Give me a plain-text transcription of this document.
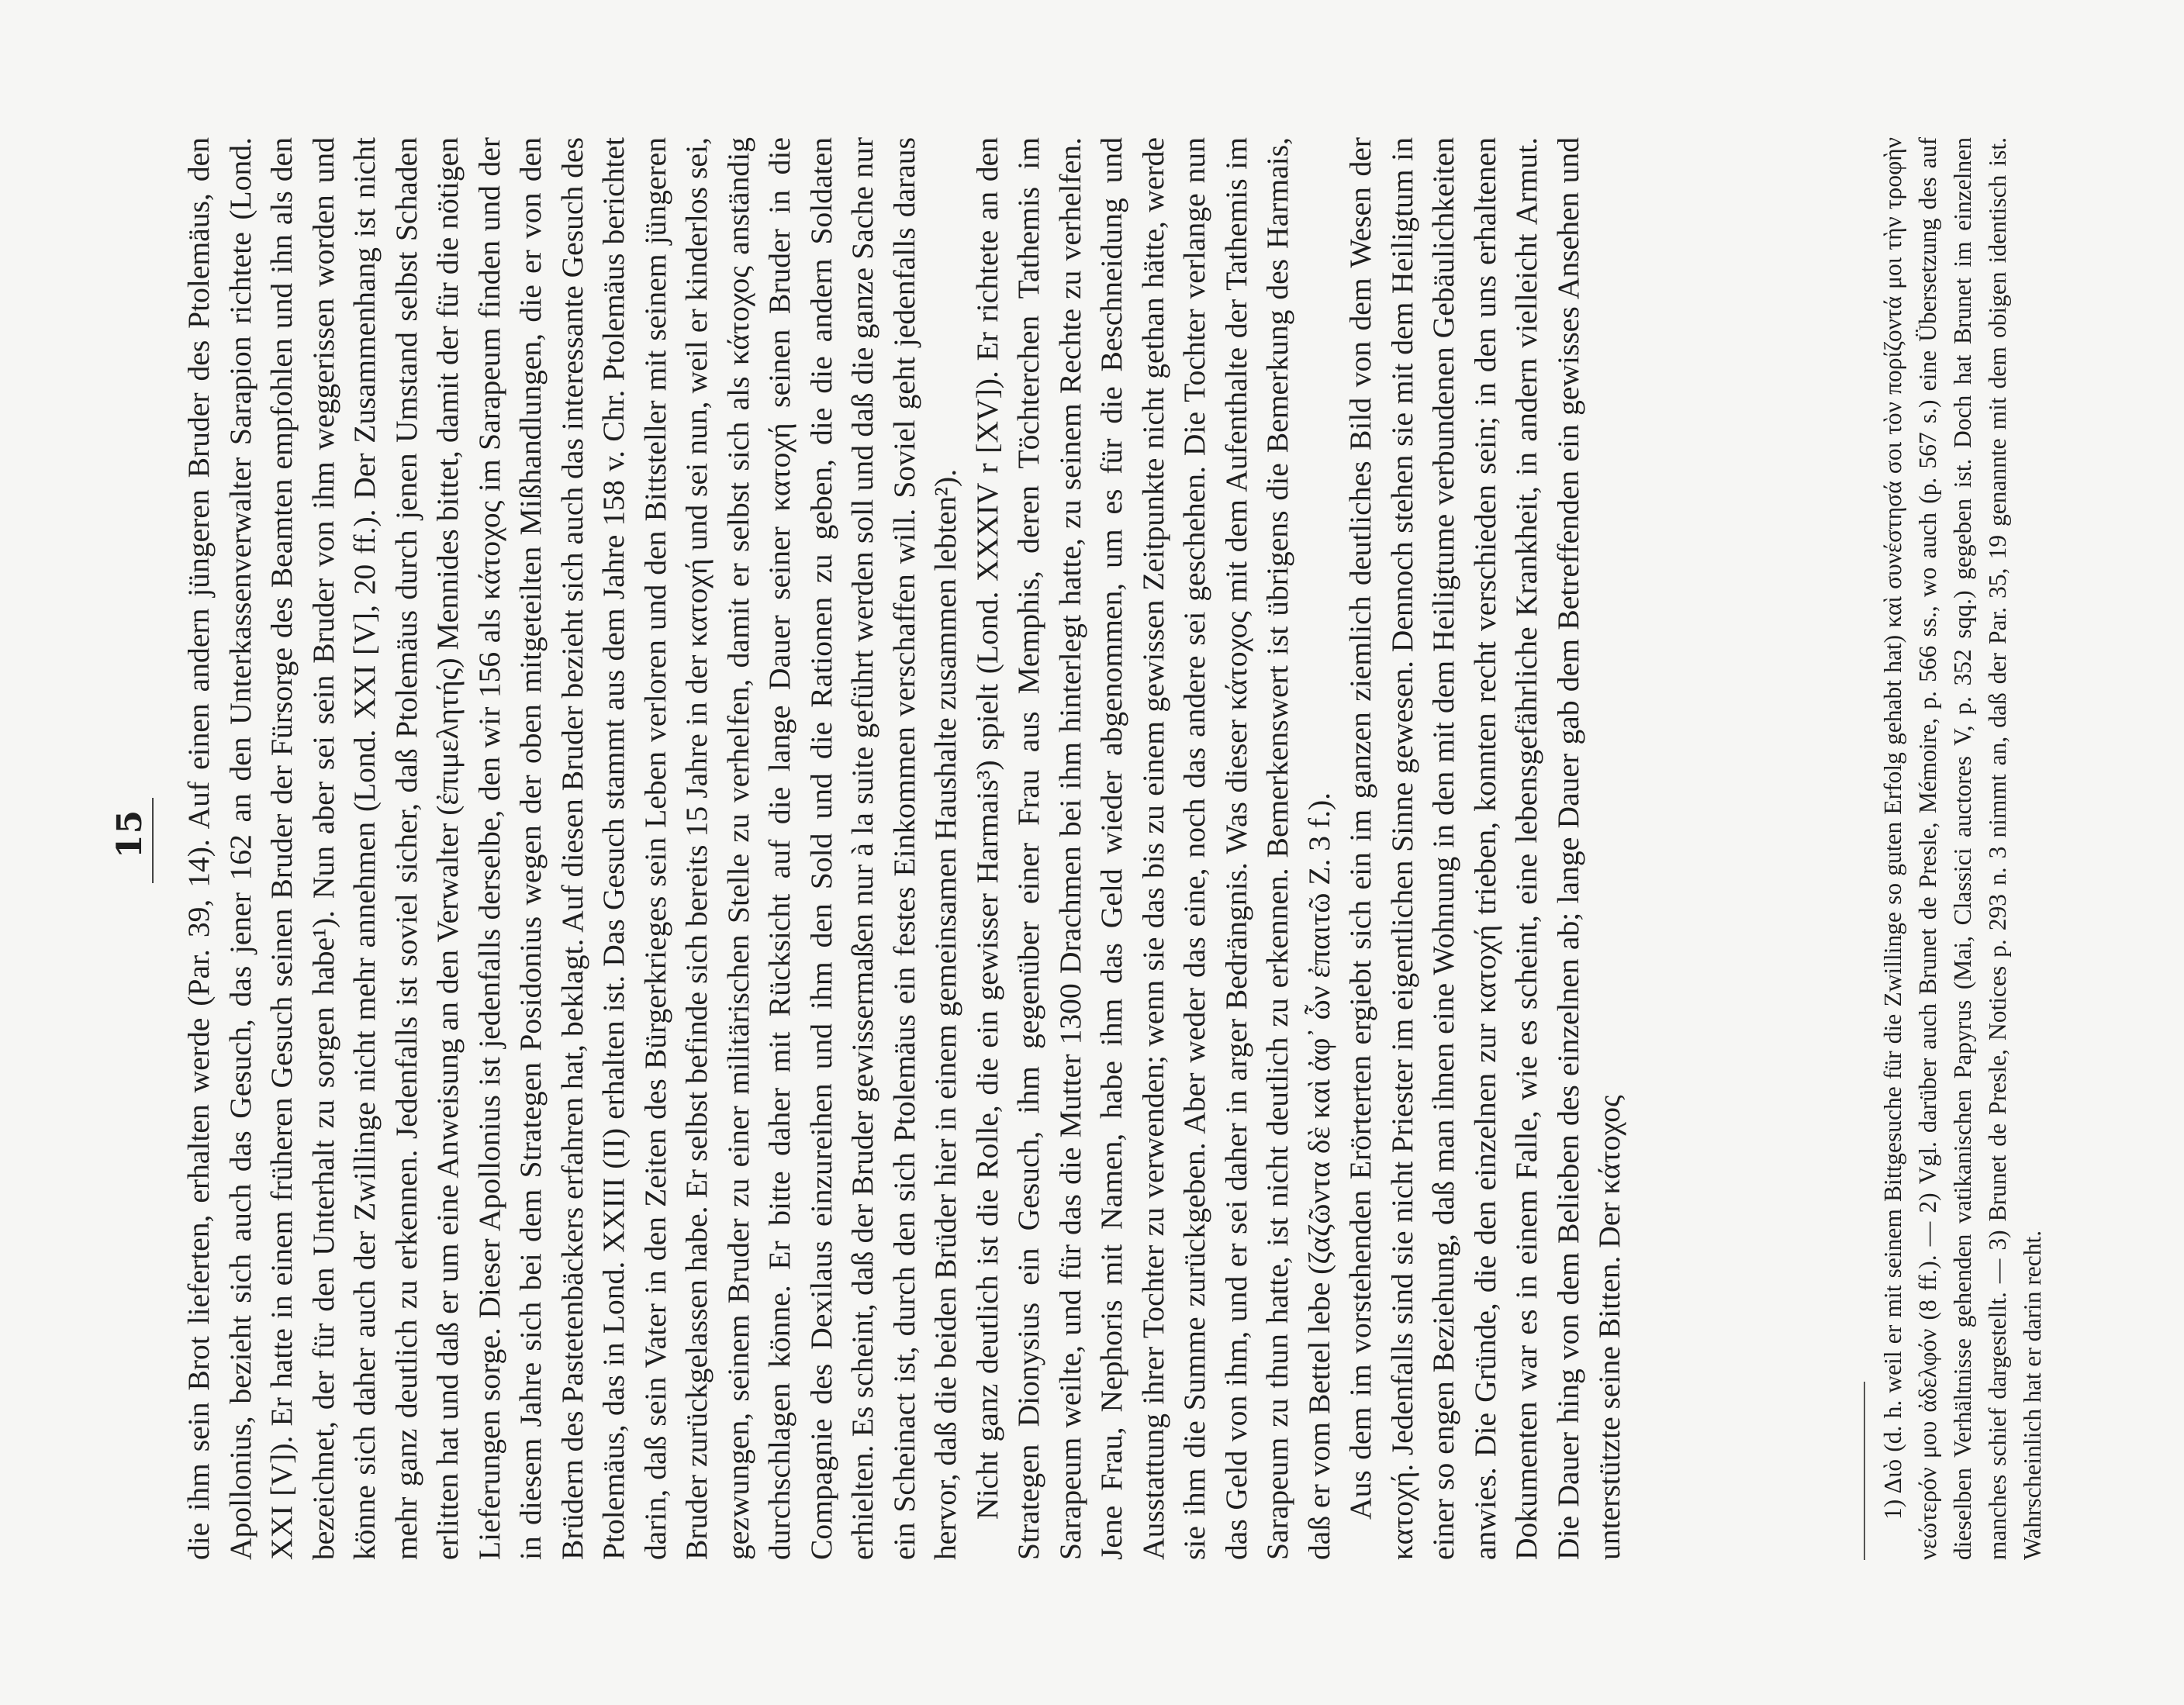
15 die ihm sein Brot lieferten, erhalten werde (Par. 39, 14). Auf einen andern jüngeren Bruder des Ptolemäus, den Apollonius, bezieht sich auch das Gesuch, das jener 162 an den Unterkassenverwalter Sarapion richtete (Lond. XXI [V]). Er hatte in einem früheren Gesuch seinen Bruder der Fürsorge des Beamten empfohlen und ihn als den bezeichnet, der für den Unterhalt zu sorgen habe¹). Nun aber sei sein Bruder von ihm weggerissen worden und könne sich daher auch der Zwillinge nicht mehr annehmen (Lond. XXI [V], 20 ff.). Der Zusammenhang ist nicht mehr ganz deutlich zu erkennen. Jedenfalls ist soviel sicher, daß Ptolemäus durch jenen Umstand selbst Schaden erlitten hat und daß er um eine Anweisung an den Verwalter (ἐπιμελητής) Mennides bittet, damit der für die nötigen Lieferungen sorge. Dieser Apollonius ist jedenfalls derselbe, den wir 156 als κάτοχος im Sarapeum finden und der in diesem Jahre sich bei dem Strategen Posidonius wegen der oben mitgeteilten Mißhandlungen, die er von den Brüdern des Pastetenbäckers erfahren hat, beklagt. Auf diesen Bruder bezieht sich auch das interessante Gesuch des Ptolemäus, das in Lond. XXIII (II) erhalten ist. Das Gesuch stammt aus dem Jahre 158 v. Chr. Ptolemäus berichtet darin, daß sein Vater in den Zeiten des Bürgerkrieges sein Leben verloren und den Bittsteller mit seinem jüngeren Bruder zurückgelassen habe. Er selbst befinde sich bereits 15 Jahre in der κατοχή und sei nun, weil er kinderlos sei, gezwungen, seinem Bruder zu einer militärischen Stelle zu verhelfen, damit er selbst sich als κάτοχος anständig durchschlagen könne. Er bitte daher mit Rücksicht auf die lange Dauer seiner κατοχή seinen Bruder in die Compagnie des Dexilaus einzureihen und ihm den Sold und die Rationen zu geben, die die andern Soldaten erhielten. Es scheint, daß der Bruder gewissermaßen nur à la suite geführt werden soll und daß die ganze Sache nur ein Scheinact ist, durch den sich Ptolemäus ein festes Einkommen verschaffen will. Soviel geht jedenfalls daraus hervor, daß die beiden Brüder hier in einem gemeinsamen Haushalte zusammen lebten²). Nicht ganz deutlich ist die Rolle, die ein gewisser Harmais³) spielt (Lond. XXXIV r [XV]). Er richtete an den Strategen Dionysius ein Gesuch, ihm gegenüber einer Frau aus Memphis, deren Töchterchen Tathemis im Sarapeum weilte, und für das die Mutter 1300 Drachmen bei ihm hinterlegt hatte, zu seinem Rechte zu verhelfen. Jene Frau, Nephoris mit Namen, habe ihm das Geld wieder abgenommen, um es für die Beschneidung und Ausstattung ihrer Tochter zu verwenden; wenn sie das bis zu einem gewissen Zeitpunkte nicht gethan hätte, werde sie ihm die Summe zurückgeben. Aber weder das eine, noch das andere sei geschehen. Die Tochter verlange nun das Geld von ihm, und er sei daher in arger Bedrängnis. Was dieser κάτοχος mit dem Aufenthalte der Tathemis im Sarapeum zu thun hatte, ist nicht deutlich zu erkennen. Bemerkenswert ist übrigens die Bemerkung des Harmais, daß er vom Bettel lebe (ζαζῶντα δὲ καὶ ἀφ᾿ ὧν ἐπαιτῶ Z. 3 f.). Aus dem im vorstehenden Erörterten ergiebt sich ein im ganzen ziemlich deutliches Bild von dem Wesen der κατοχή. Jedenfalls sind sie nicht Priester im eigentlichen Sinne gewesen. Dennoch stehen sie mit dem Heiligtum in einer so engen Beziehung, daß man ihnen eine Wohnung in den mit dem Heiligtume verbundenen Gebäulichkeiten anwies. Die Gründe, die den einzelnen zur κατοχή trieben, konnten recht verschieden sein; in den uns erhaltenen Dokumenten war es in einem Falle, wie es scheint, eine lebensgefährliche Krankheit, in andern vielleicht Armut. Die Dauer hing von dem Belieben des einzelnen ab; lange Dauer gab dem Betreffenden ein gewisses Ansehen und unterstützte seine Bitten. Der κάτοχος	1) Διὸ (d. h. weil er mit seinem Bittgesuche für die Zwillinge so guten Erfolg gehabt hat) καὶ συνέστησά σοι τὸν πορίζοντά μοι τὴν τροφὴν νεώτερόν μου ἀδελφόν (8 ff.). — 2) Vgl. darüber auch Brunet de Presle, Mémoire, p. 566 ss., wo auch (p. 567 s.) eine Übersetzung des auf dieselben Verhältnisse gehenden vatikanischen Papyrus (Mai, Classici auctores V, p. 352 sqq.) gegeben ist. Doch hat Brunet im einzelnen manches schief dargestellt. — 3) Brunet de Presle, Notices p. 293 n. 3 nimmt an, daß der Par. 35, 19 genannte mit dem obigen identisch ist. Wahrscheinlich hat er darin recht.
